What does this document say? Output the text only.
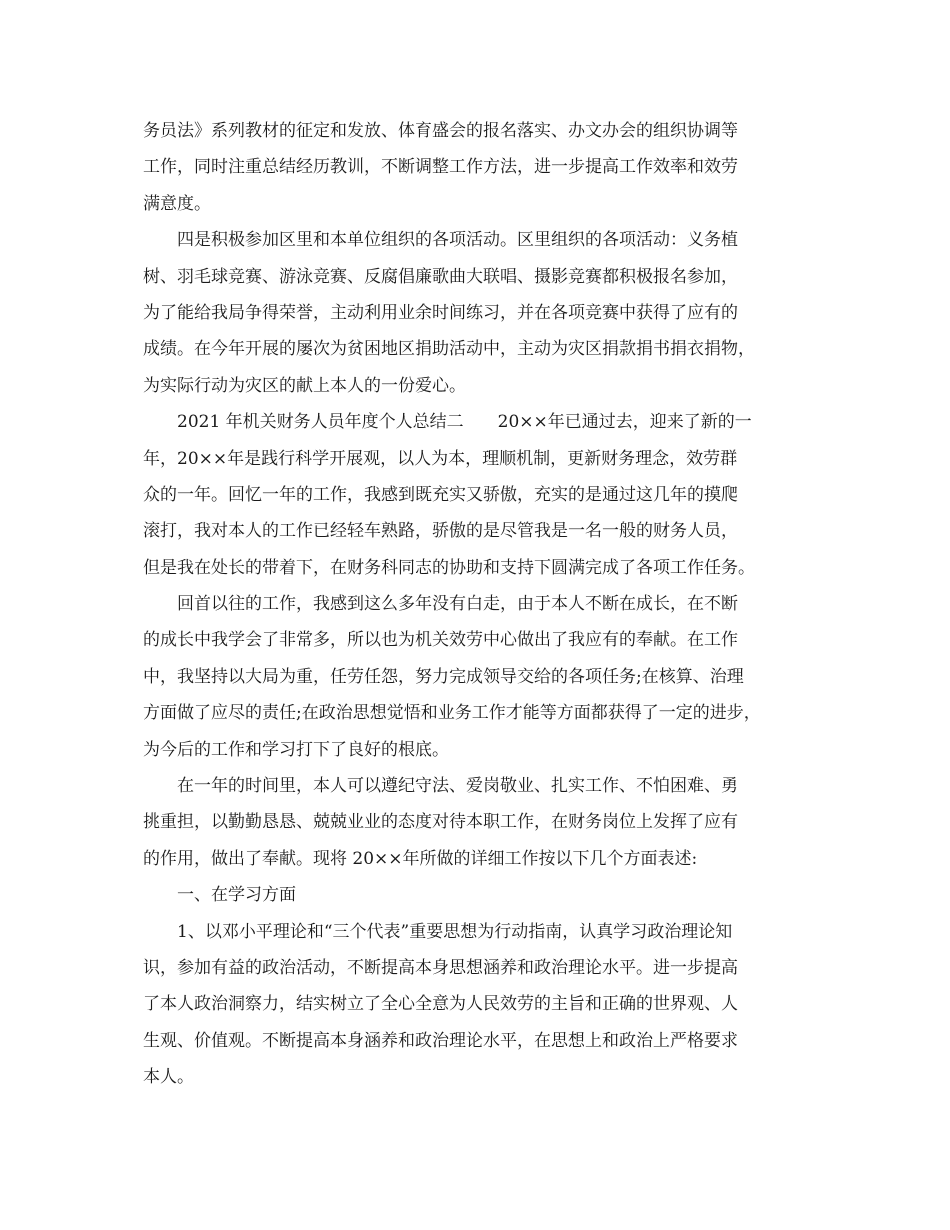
务员法》系列教材的征定和发放、体育盛会的报名落实、办文办会的组织协调等
工作，同时注重总结经历教训，不断调整工作方法，进一步提高工作效率和效劳
满意度。
四是积极参加区里和本单位组织的各项活动。区里组织的各项活动：义务植
树、羽毛球竞赛、游泳竞赛、反腐倡廉歌曲大联唱、摄影竞赛都积极报名参加，
为了能给我局争得荣誉，主动利用业余时间练习，并在各项竞赛中获得了应有的
成绩。在今年开展的屡次为贫困地区捐助活动中，主动为灾区捐款捐书捐衣捐物，
为实际行动为灾区的献上本人的一份爱心。
2021 年机关财务人员年度个人总结二　　20××年已通过去，迎来了新的一
年，20××年是践行科学开展观，以人为本，理顺机制，更新财务理念，效劳群
众的一年。回忆一年的工作，我感到既充实又骄傲，充实的是通过这几年的摸爬
滚打，我对本人的工作已经轻车熟路，骄傲的是尽管我是一名一般的财务人员，
但是我在处长的带着下，在财务科同志的协助和支持下圆满完成了各项工作任务。
回首以往的工作，我感到这么多年没有白走，由于本人不断在成长，在不断
的成长中我学会了非常多，所以也为机关效劳中心做出了我应有的奉献。在工作
中，我坚持以大局为重，任劳任怨，努力完成领导交给的各项任务;在核算、治理
方面做了应尽的责任;在政治思想觉悟和业务工作才能等方面都获得了一定的进步，
为今后的工作和学习打下了良好的根底。
在一年的时间里，本人可以遵纪守法、爱岗敬业、扎实工作、不怕困难、勇
挑重担，以勤勤恳恳、兢兢业业的态度对待本职工作，在财务岗位上发挥了应有
的作用，做出了奉献。现将 20××年所做的详细工作按以下几个方面表述:
一、在学习方面
1、以邓小平理论和“三个代表”重要思想为行动指南，认真学习政治理论知
识，参加有益的政治活动，不断提高本身思想涵养和政治理论水平。进一步提高
了本人政治洞察力，结实树立了全心全意为人民效劳的主旨和正确的世界观、人
生观、价值观。不断提高本身涵养和政治理论水平，在思想上和政治上严格要求
本人。
